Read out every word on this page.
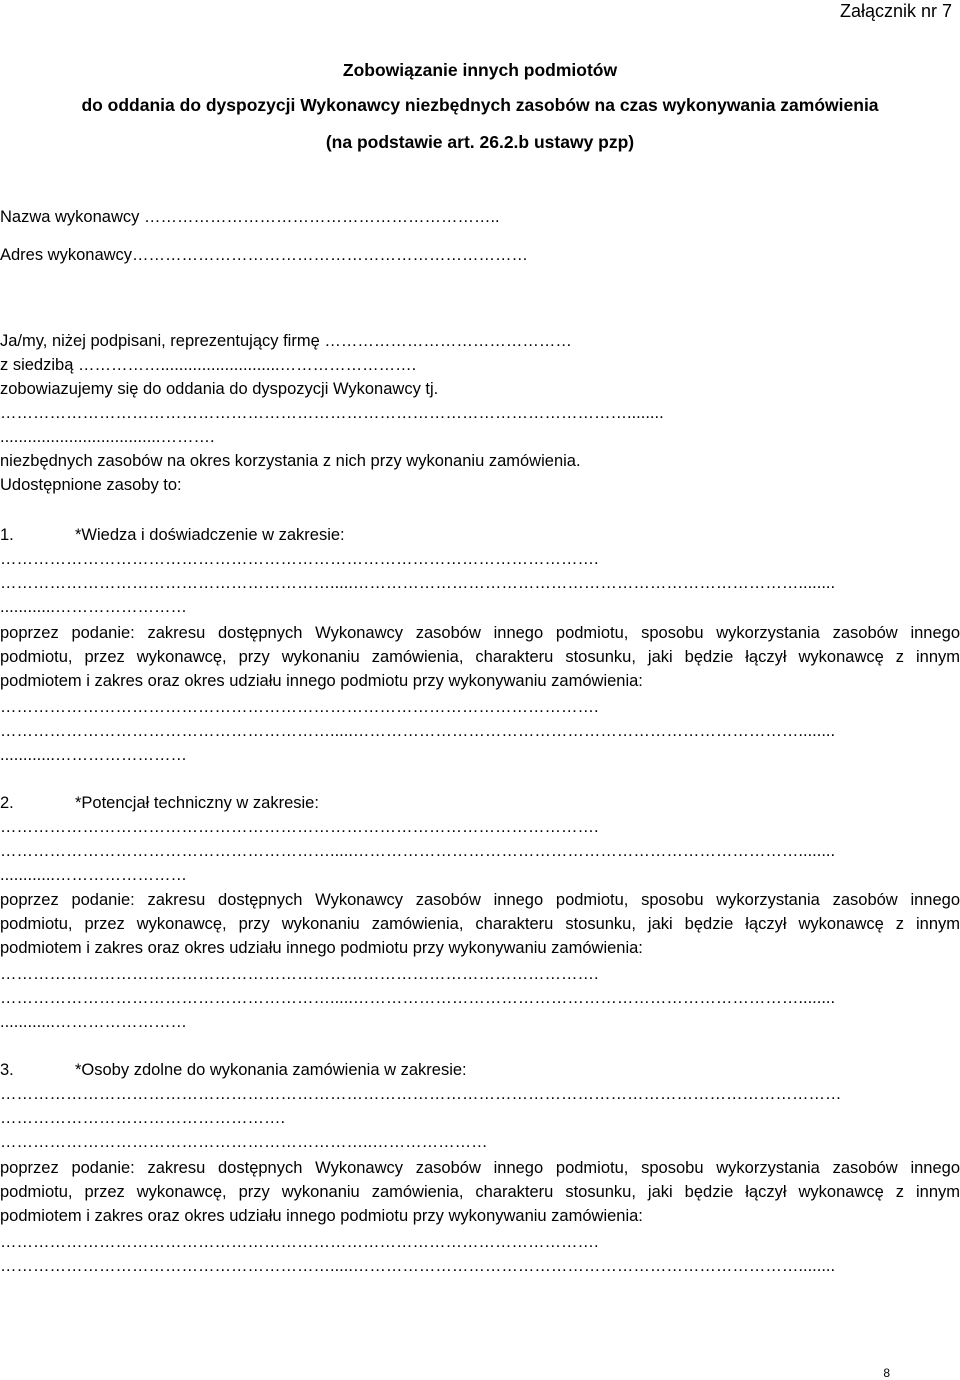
Załącznik nr 7
Zobowiązanie innych podmiotów
do oddania do dyspozycji Wykonawcy niezbędnych zasobów na czas wykonywania zamówienia
(na podstawie art. 26.2.b ustawy pzp)
Nazwa wykonawcy ………………………………………………………..
Adres wykonawcy………………………………………………………………
Ja/my, niżej podpisani, reprezentujący firmę ………………………………………
z siedzibą ……………..........................…………………….
zobowiazujemy się do oddania do dyspozycji Wykonawcy tj.
……………………………………………………………………………………………………........
...................................……….
niezbędnych zasobów na okres korzystania z nich przy wykonaniu zamówienia.
Udostępnione zasoby to:
1.	*Wiedza i doświadczenie w zakresie:
……………………………………………………………………………………………….
…………………………………………………….....………………………………………………………………………........
............……………………
poprzez podanie: zakresu dostępnych Wykonawcy zasobów innego podmiotu, sposobu wykorzystania zasobów innego
podmiotu, przez wykonawcę, przy wykonaniu zamówienia, charakteru stosunku, jaki będzie łączył wykonawcę z innym
podmiotem i zakres oraz okres udziału innego podmiotu przy wykonywaniu zamówienia:
……………………………………………………………………………………………….
…………………………………………………….....………………………………………………………………………........
............……………………
2.	*Potencjał techniczny w zakresie:
……………………………………………………………………………………………….
…………………………………………………….....………………………………………………………………………........
............……………………
poprzez podanie: zakresu dostępnych Wykonawcy zasobów innego podmiotu, sposobu wykorzystania zasobów innego
podmiotu, przez wykonawcę, przy wykonaniu zamówienia, charakteru stosunku, jaki będzie łączył wykonawcę z innym
podmiotem i zakres oraz okres udziału innego podmiotu przy wykonywaniu zamówienia:
……………………………………………………………………………………………….
…………………………………………………….....………………………………………………………………………........
............……………………
3.	*Osoby zdolne do wykonania zamówienia w zakresie:
………………………………………………………………………………………………………………………………………
…………………………………………….
…………………………………………………………..…………………
poprzez podanie: zakresu dostępnych Wykonawcy zasobów innego podmiotu, sposobu wykorzystania zasobów innego
podmiotu, przez wykonawcę, przy wykonaniu zamówienia, charakteru stosunku, jaki będzie łączył wykonawcę z innym
podmiotem i zakres oraz okres udziału innego podmiotu przy wykonywaniu zamówienia:
……………………………………………………………………………………………….
…………………………………………………….....………………………………………………………………………........
8
